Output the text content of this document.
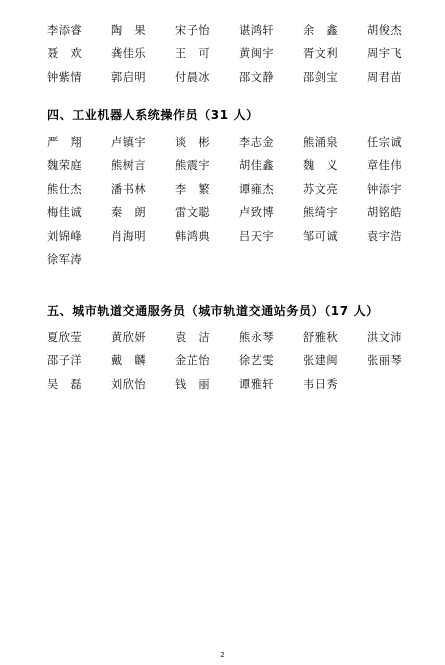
李添睿	陶　果	宋子怡	谌鸿轩	余　鑫	胡俊杰
聂　欢	龚佳乐	王　可	黄闽宇	胥文利	周宇飞
钟紫情	郭启明	付晨冰	邵文静	邵剑宝	周君苗
四、工业机器人系统操作员（31 人）
严　翔	卢镇宇	谈　彬	李志金	熊涌泉	任宗诚
魏荣庭	熊树言	熊震宇	胡佳鑫	魏　义	章佳伟
熊仕杰	潘书林	李　繁	谭雍杰	苏文亮	钟添宇
梅佳诚	秦　朗	雷文聪	卢致博	熊绮宇	胡铭皓
刘锦峰	肖海明	韩鸿典	吕天宇	邹可诚	袁宇浩
徐军涛
五、城市轨道交通服务员（城市轨道交通站务员）（17 人）
夏欣莹	黄欣妍	袁　洁	熊永琴	舒雅秋	洪文沛
邵子洋	戴　麟	金芷怡	徐艺雯	张建闽	张丽琴
吴　磊	刘欣怡	钱　丽	谭雅轩	韦日秀
2
